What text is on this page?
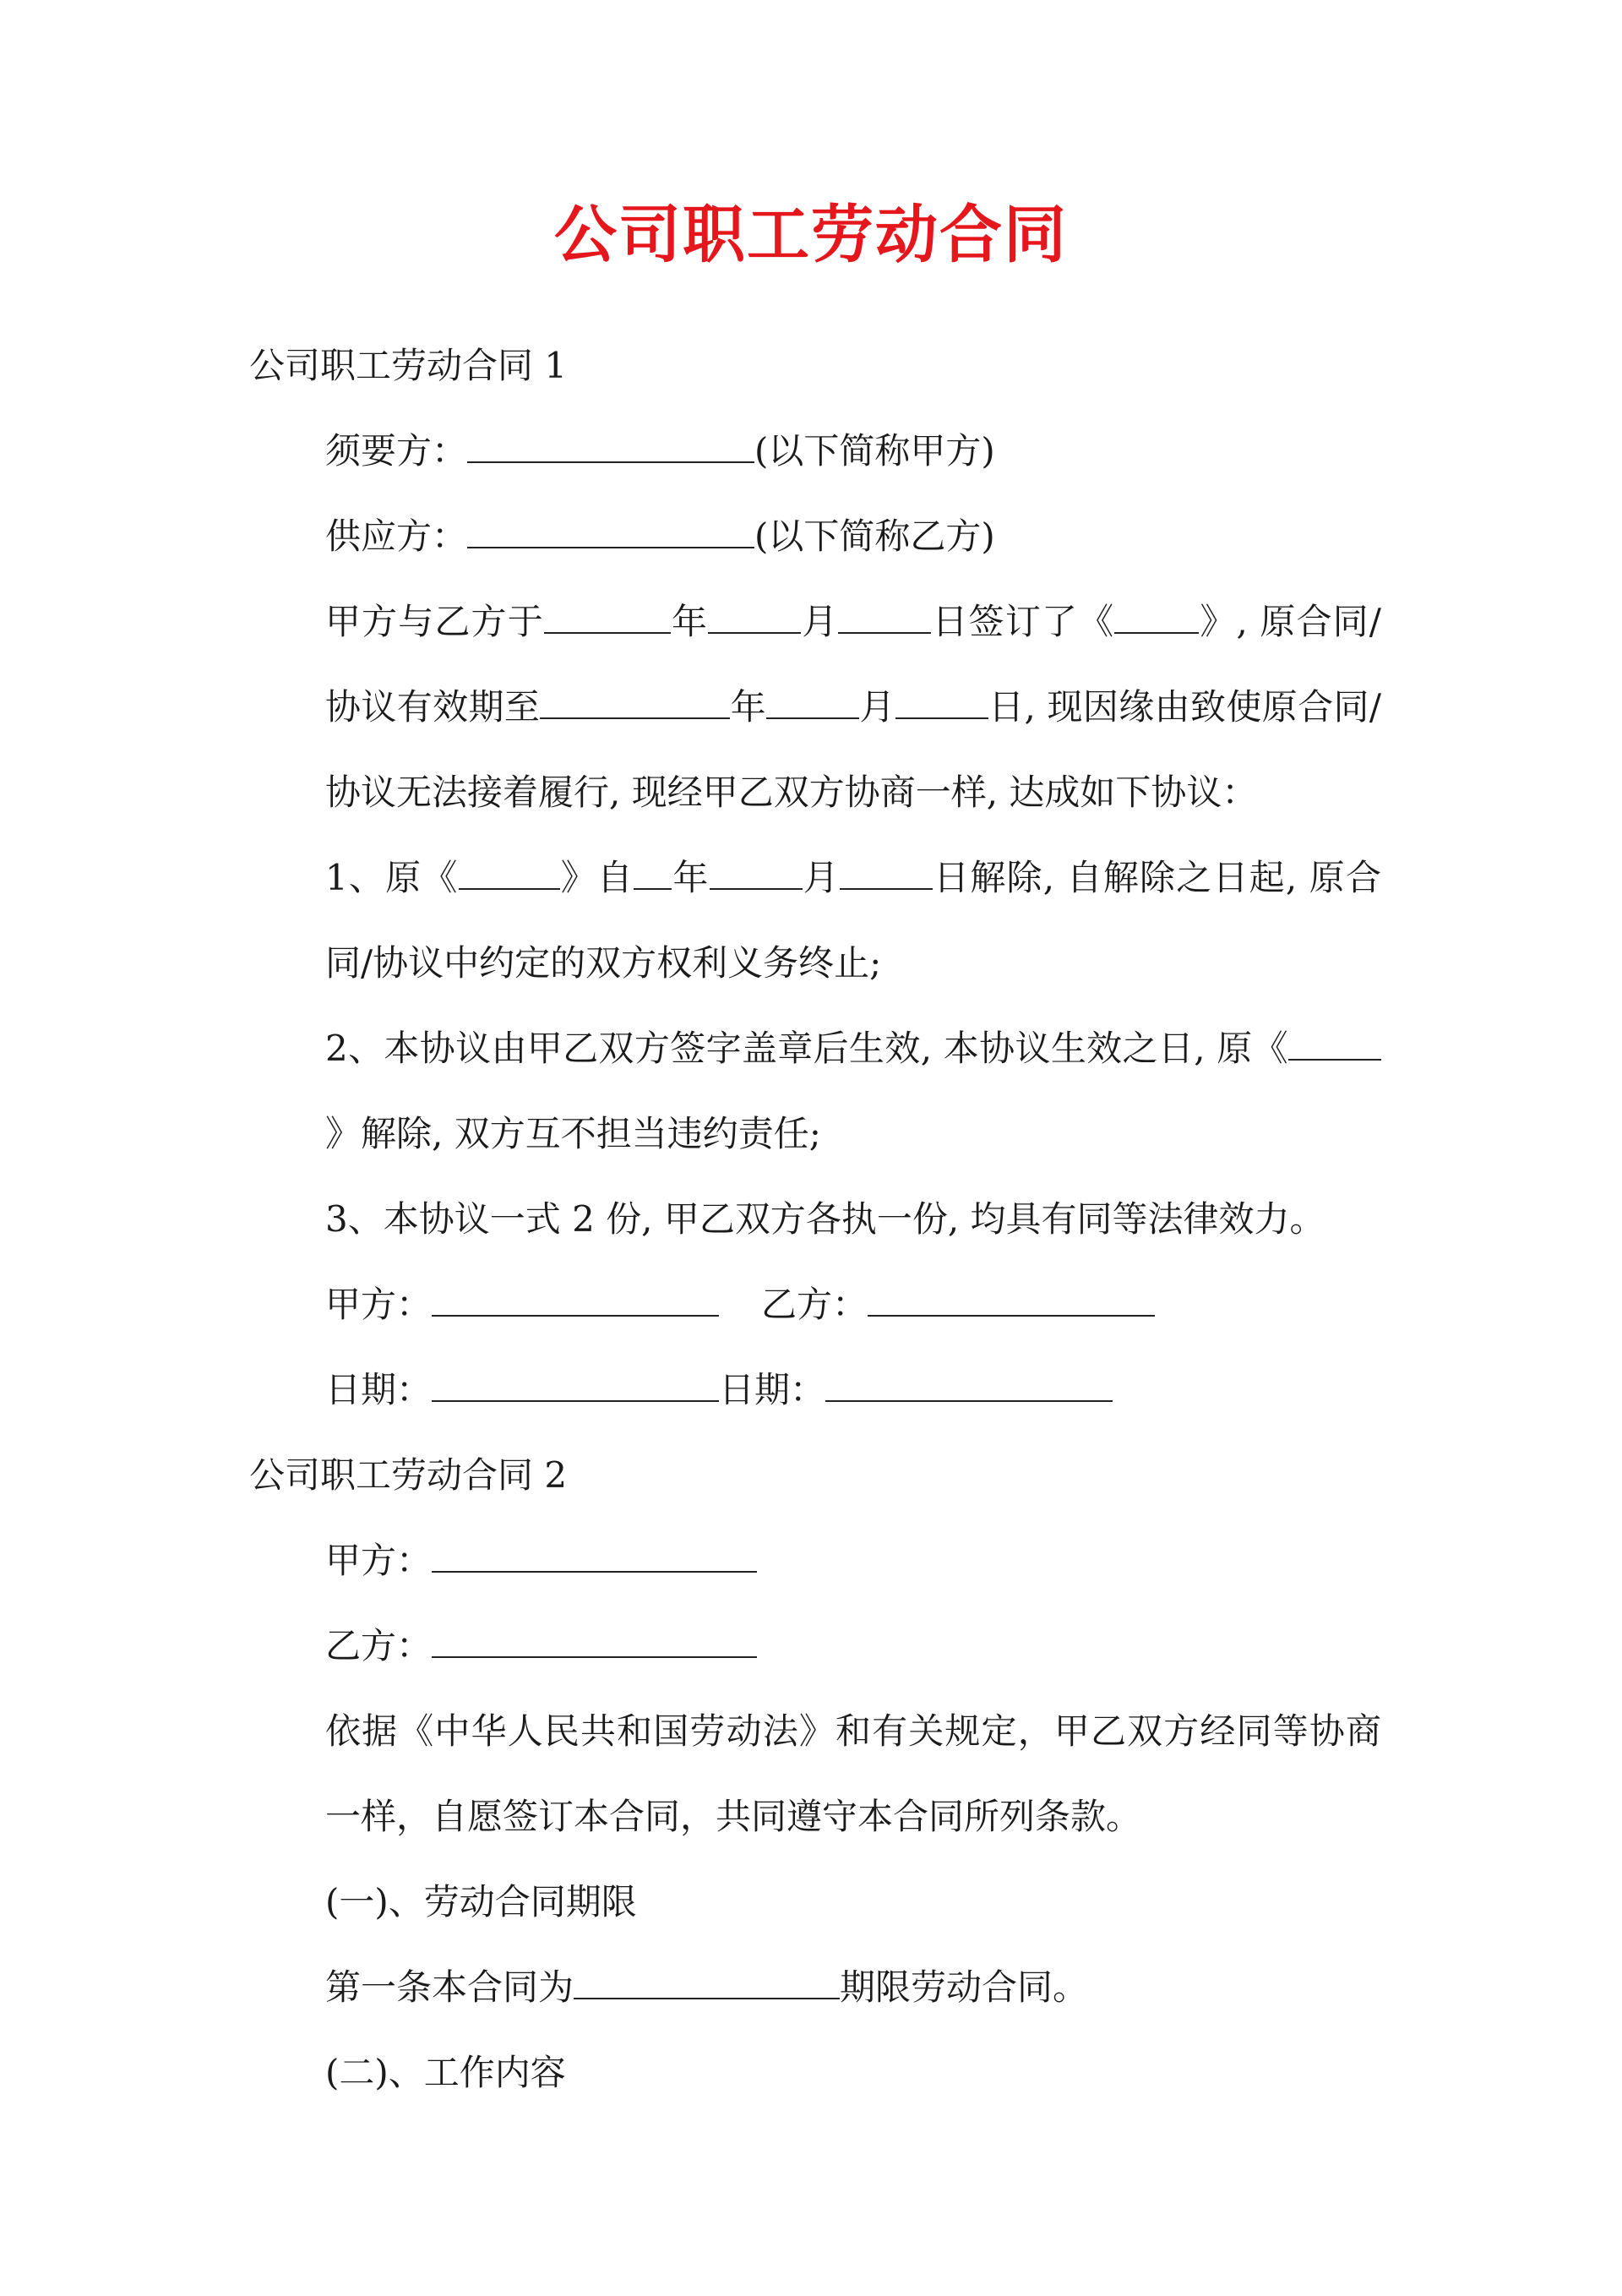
公司职工劳动合同

公司职工劳动合同 1

须要方：	(以下简称甲方)

供应方：	(以下简称乙方)

甲方与乙方于	年	月	日签订了《 》, 原合同/协议有效期至	年	月	日, 现因缘由致使原合同/协议无法接着履行, 现经甲乙双方协商一样, 达成如下协议：

1、原《	》自 年	月	日解除, 自解除之日起, 原合同/协议中约定的双方权利义务终止;

2、本协议由甲乙双方签字盖章后生效, 本协议生效之日, 原《》解除, 双方互不担当违约责任;

3、本协议一式 2 份, 甲乙双方各执一份, 均具有同等法律效力。

甲方：	乙方：

日期：	日期：

公司职工劳动合同 2

甲方：

乙方：

依据《中华人民共和国劳动法》和有关规定，甲乙双方经同等协商一样，自愿签订本合同，共同遵守本合同所列条款。

(一)、劳动合同期限

第一条本合同为	期限劳动合同。

(二)、工作内容
